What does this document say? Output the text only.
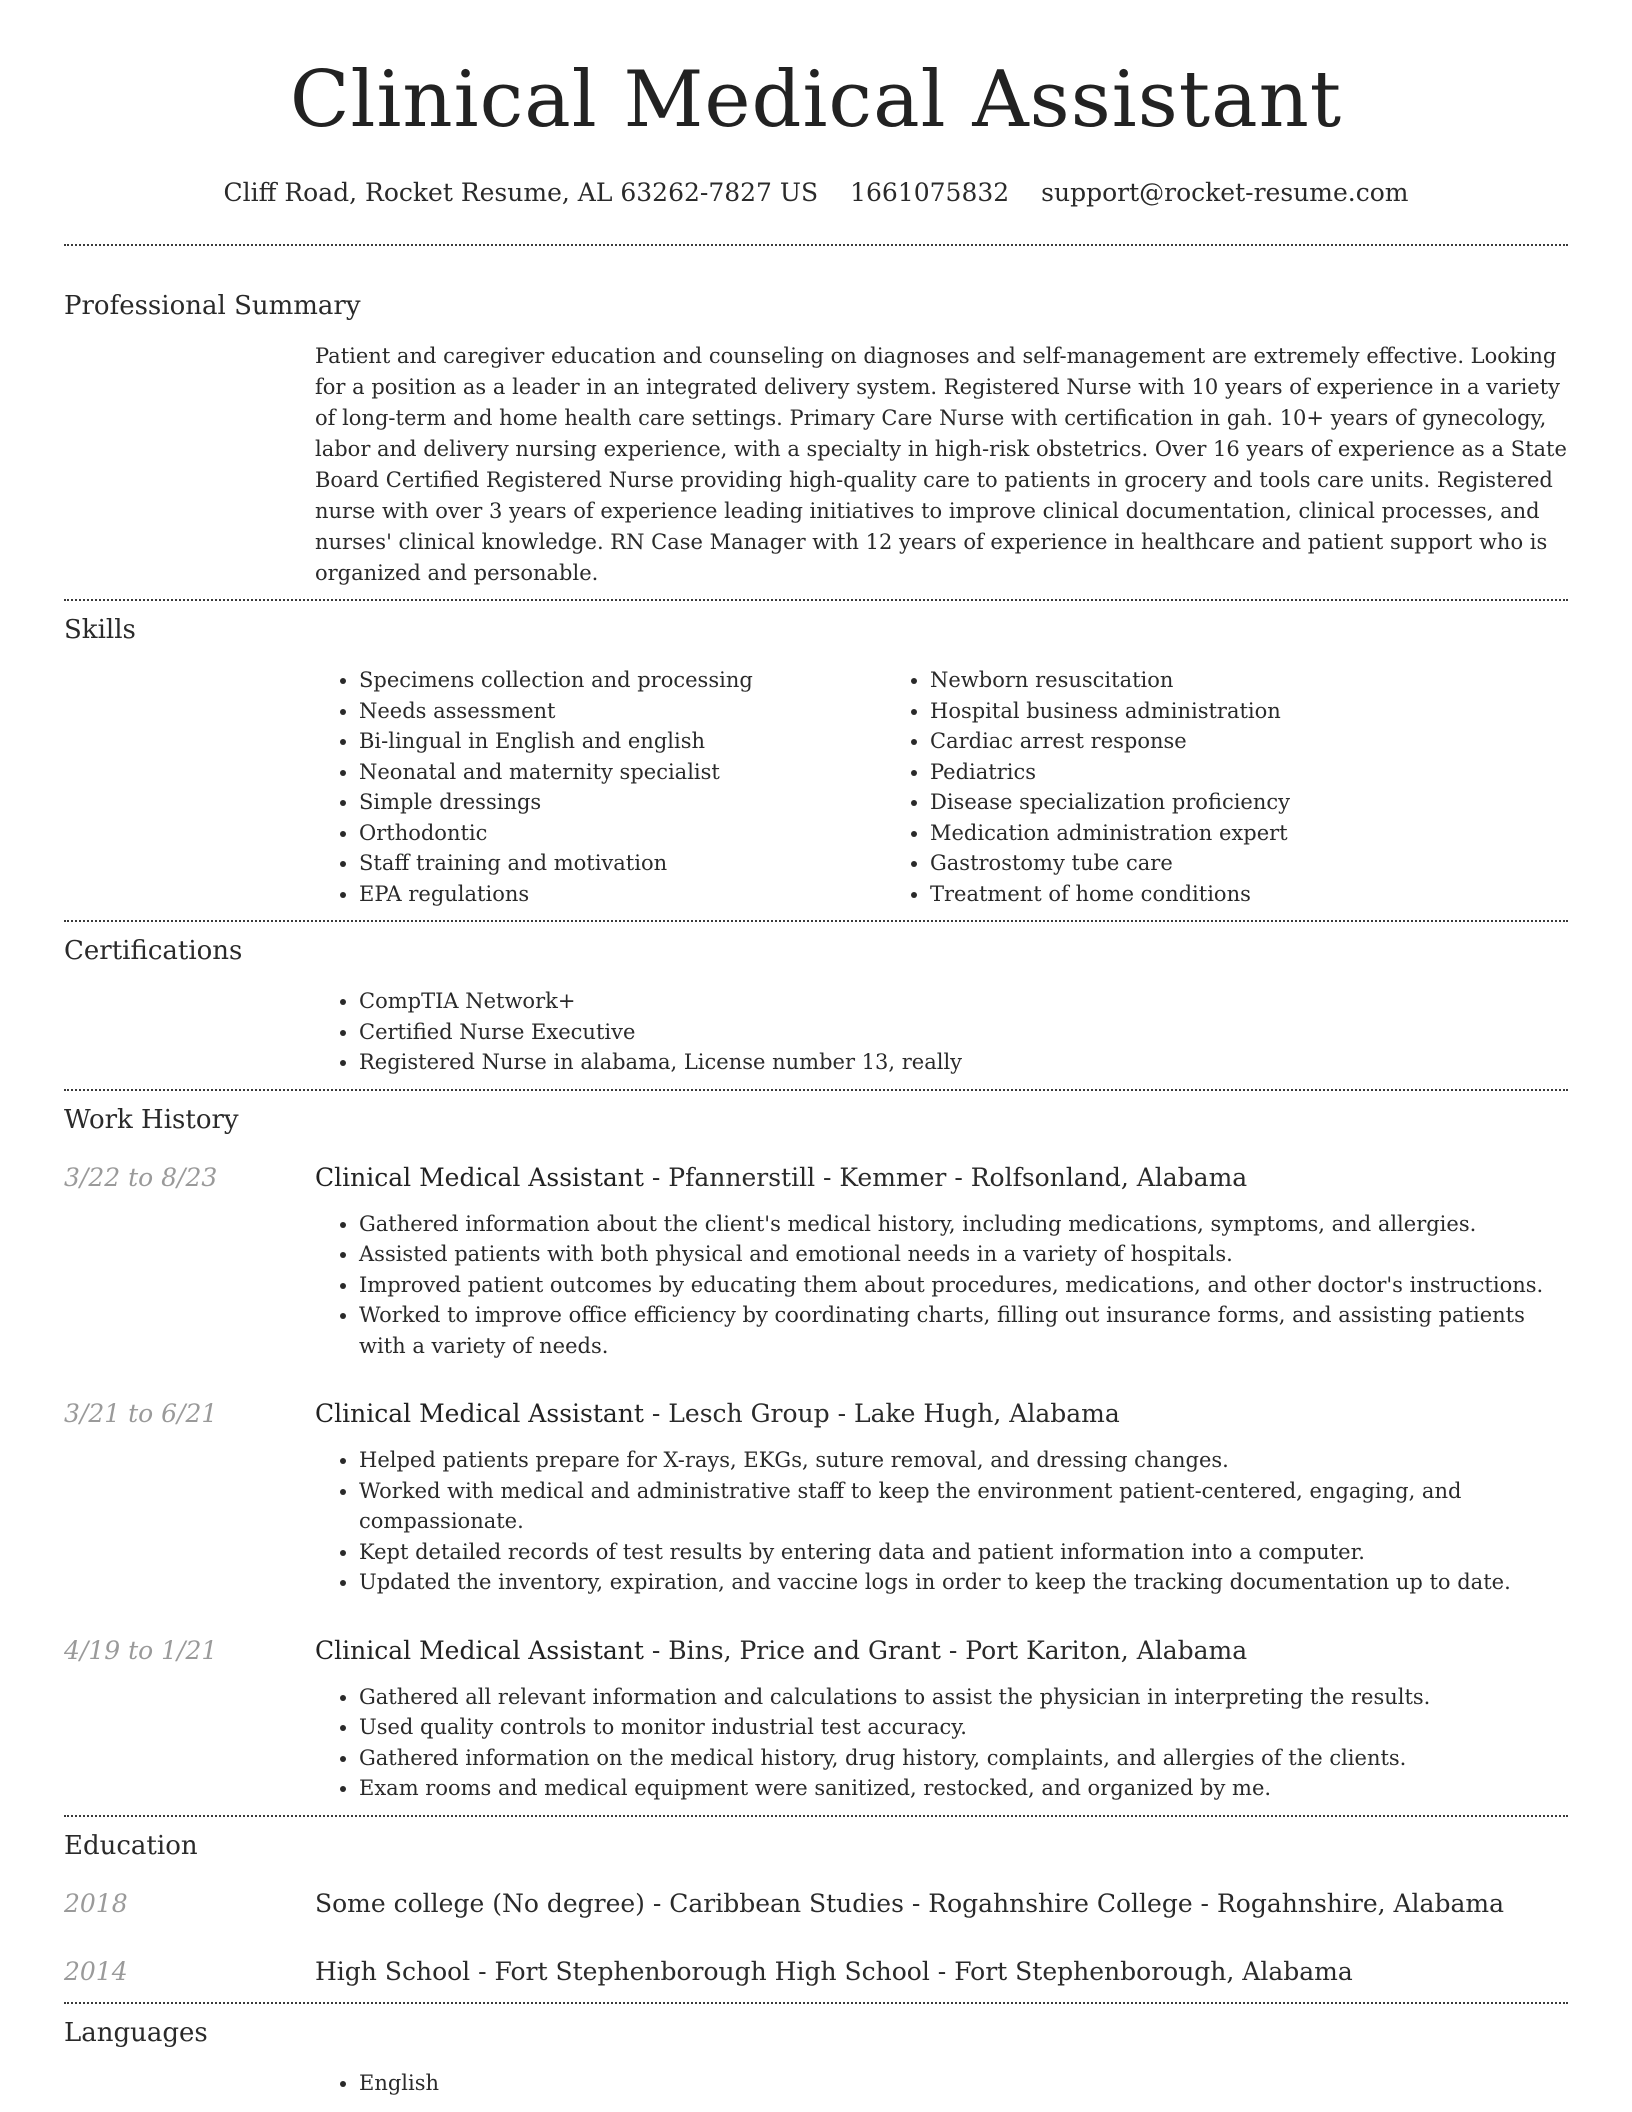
Clinical Medical Assistant
Cliff Road, Rocket Resume, AL 63262-7827 US 1661075832 support@rocket-resume.com
Professional Summary

Patient and caregiver education and counseling on diagnoses and self-management are extremely effective. Looking for a position as a leader in an integrated delivery system. Registered Nurse with 10 years of experience in a variety of long-term and home health care settings. Primary Care Nurse with certification in gah. 10+ years of gynecology, labor and delivery nursing experience, with a specialty in high-risk obstetrics. Over 16 years of experience as a State Board Certified Registered Nurse providing high-quality care to patients in grocery and tools care units. Registered nurse with over 3 years of experience leading initiatives to improve clinical documentation, clinical processes, and nurses' clinical knowledge. RN Case Manager with 12 years of experience in healthcare and patient support who is organized and personable.

Skills
• Specimens collection and processing
• Needs assessment
• Bi-lingual in English and english
• Neonatal and maternity specialist
• Simple dressings
• Orthodontic
• Staff training and motivation
• EPA regulations
• Newborn resuscitation
• Hospital business administration
• Cardiac arrest response
• Pediatrics
• Disease specialization proficiency
• Medication administration expert
• Gastrostomy tube care
• Treatment of home conditions
Certifications
• CompTIA Network+
• Certified Nurse Executive
• Registered Nurse in alabama, License number 13, really
Work History
3/22 to 8/23	Clinical Medical Assistant - Pfannerstill - Kemmer - Rolfsonland, Alabama
• Gathered information about the client's medical history, including medications, symptoms, and allergies.
• Assisted patients with both physical and emotional needs in a variety of hospitals.
• Improved patient outcomes by educating them about procedures, medications, and other doctor's instructions.
• Worked to improve office efficiency by coordinating charts, filling out insurance forms, and assisting patients with a variety of needs.
3/21 to 6/21	Clinical Medical Assistant - Lesch Group - Lake Hugh, Alabama
• Helped patients prepare for X-rays, EKGs, suture removal, and dressing changes.
• Worked with medical and administrative staff to keep the environment patient-centered, engaging, and compassionate.
• Kept detailed records of test results by entering data and patient information into a computer.
• Updated the inventory, expiration, and vaccine logs in order to keep the tracking documentation up to date.
4/19 to 1/21	Clinical Medical Assistant - Bins, Price and Grant - Port Kariton, Alabama
• Gathered all relevant information and calculations to assist the physician in interpreting the results.
• Used quality controls to monitor industrial test accuracy.
• Gathered information on the medical history, drug history, complaints, and allergies of the clients.
• Exam rooms and medical equipment were sanitized, restocked, and organized by me.
Education
2018	Some college (No degree) - Caribbean Studies - Rogahnshire College - Rogahnshire, Alabama
2014	High School - Fort Stephenborough High School - Fort Stephenborough, Alabama
Languages
• English
